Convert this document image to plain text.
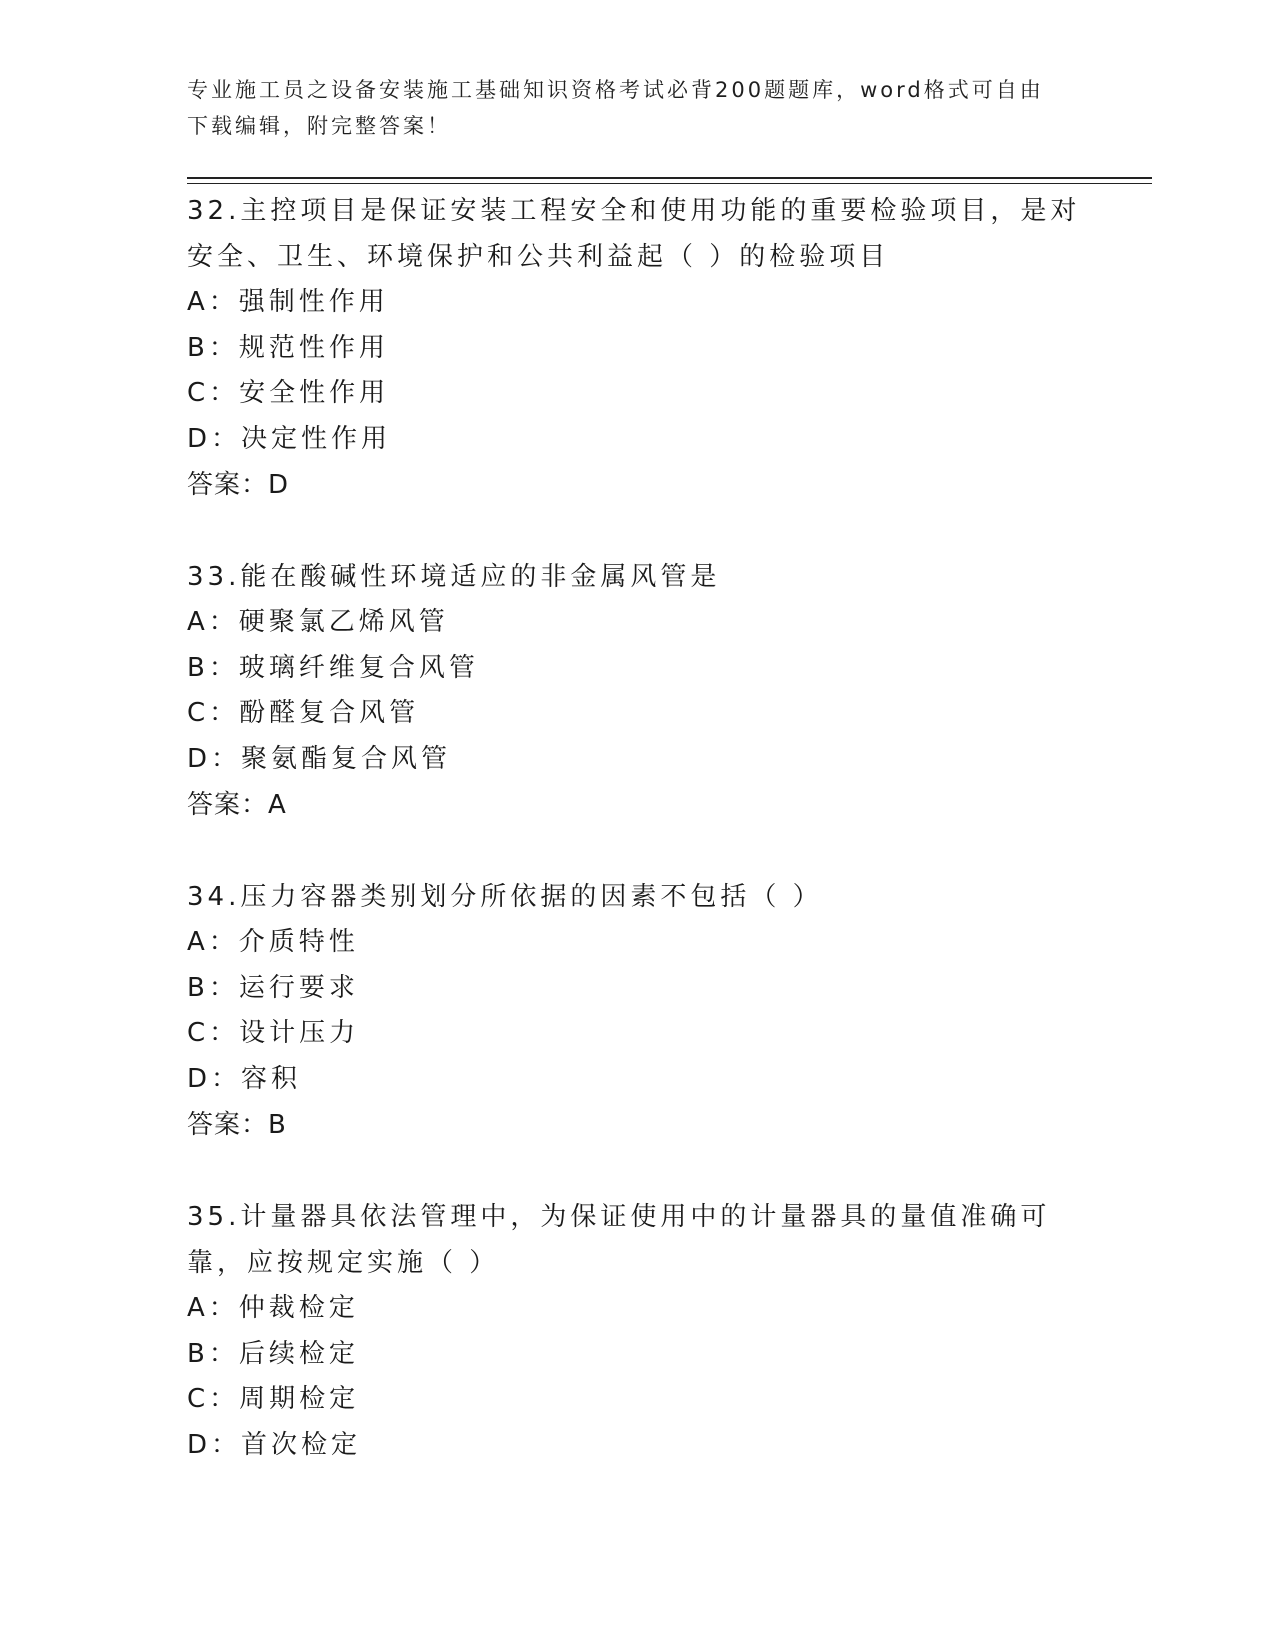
专业施工员之设备安装施工基础知识资格考试必背200题题库，word格式可自由下载编辑，附完整答案！

32.主控项目是保证安装工程安全和使用功能的重要检验项目，是对安全、卫生、环境保护和公共利益起（ ）的检验项目

A：强制性作用

B：规范性作用

C：安全性作用

D：决定性作用

答案：D

33.能在酸碱性环境适应的非金属风管是

A：硬聚氯乙烯风管

B：玻璃纤维复合风管

C：酚醛复合风管

D：聚氨酯复合风管

答案：A

34.压力容器类别划分所依据的因素不包括（ ）

A：介质特性

B：运行要求

C：设计压力

D：容积

答案：B

35.计量器具依法管理中，为保证使用中的计量器具的量值准确可靠，应按规定实施（ ）

A：仲裁检定

B：后续检定

C：周期检定

D：首次检定
